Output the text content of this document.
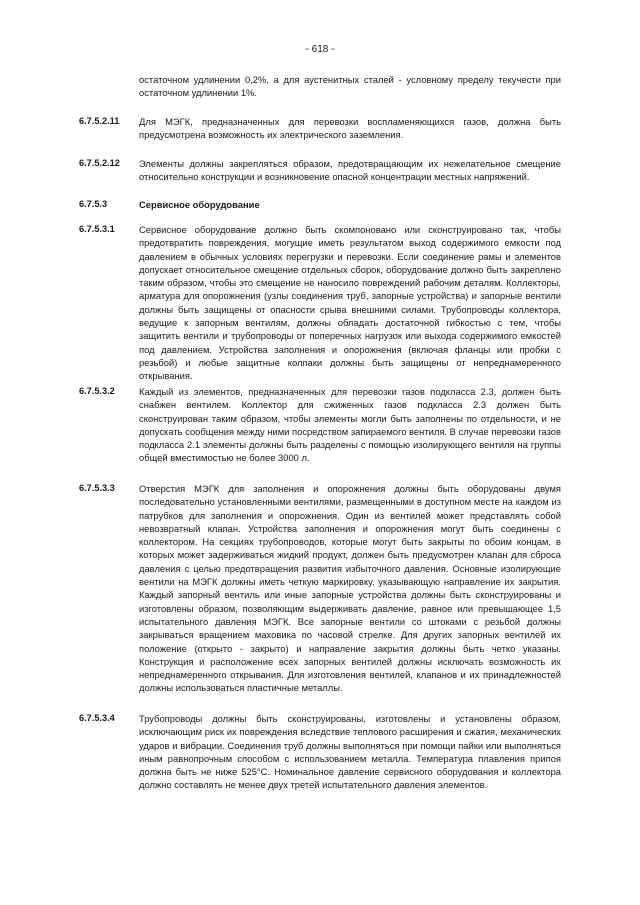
- 618 -
остаточном удлинении 0,2%, а для аустенитных сталей - условному пределу текучести при остаточном удлинении 1%.
6.7.5.2.11 Для МЭГК, предназначенных для перевозки воспламеняющихся газов, должна быть предусмотрена возможность их электрического заземления.
6.7.5.2.12 Элементы должны закрепляться образом, предотвращающим их нежелательное смещение относительно конструкции и возникновение опасной концентрации местных напряжений.
6.7.5.3	Сервисное оборудование
6.7.5.3.1	Сервисное оборудование должно быть скомпоновано или сконструировано так, чтобы предотвратить повреждения, могущие иметь результатом выход содержимого емкости под давлением в обычных условиях перегрузки и перевозки. Если соединение рамы и элементов допускает относительное смещение отдельных сборок, оборудование должно быть закреплено таким образом, чтобы это смещение не наносило повреждений рабочим деталям. Коллекторы, арматура для опорожнения (узлы соединения труб, запорные устройства) и запорные вентили должны быть защищены от опасности срыва внешними силами. Трубопроводы коллектора, ведущие к запорным вентилям, должны обладать достаточной гибкостью с тем, чтобы защитить вентили и трубопроводы от поперечных нагрузок или выхода содержимого емкостей под давлением. Устройства заполнения и опорожнения (включая фланцы или пробки с резьбой) и любые защитные колпаки должны быть защищены от непреднамеренного открывания.
6.7.5.3.2	Каждый из элементов, предназначенных для перевозки газов подкласса 2.3, должен быть снабжен вентилем. Коллектор для сжиженных газов подкласса 2.3 должен быть сконструирован таким образом, чтобы элементы могли быть заполнены по отдельности, и не допускать сообщения между ними посредством запираемого вентиля. В случае перевозки газов подкласса 2.1 элементы должны быть разделены с помощью изолирующего вентиля на группы общей вместимостью не более 3000 л.
6.7.5.3.3	Отверстия МЭГК для заполнения и опорожнения должны быть оборудованы двумя последовательно установленными вентилями, размещенными в доступном месте на каждом из патрубков для заполнения и опорожнения. Один из вентилей может представлять собой невозвратный клапан. Устройства заполнения и опорожнения могут быть соединены с коллектором. На секциях трубопроводов, которые могут быть закрыты по обоим концам, в которых может задерживаться жидкий продукт, должен быть предусмотрен клапан для сброса давления с целью предотвращения развития избыточного давления. Основные изолирующие вентили на МЭГК должны иметь четкую маркировку, указывающую направление их закрытия. Каждый запорный вентиль или иные запорные устройства должны быть сконструированы и изготовлены образом, позволяющим выдерживать давление, равное или превышающее 1,5 испытательного давления МЭГК. Все запорные вентили со штоками с резьбой должны закрываться вращением маховика по часовой стрелке. Для других запорных вентилей их положение (открыто - закрыто) и направление закрытия должны быть четко указаны. Конструкция и расположение всех запорных вентилей должны исключать возможность их непреднамеренного открывания. Для изготовления вентилей, клапанов и их принадлежностей должны использоваться пластичные металлы.
6.7.5.3.4	Трубопроводы должны быть сконструированы, изготовлены и установлены образом, исключающим риск их повреждения вследствие теплового расширения и сжатия, механических ударов и вибрации. Соединения труб должны выполняться при помощи пайки или выполняться иным равнопрочным способом с использованием металла. Температура плавления припоя должна быть не ниже 525°C. Номинальное давление сервисного оборудования и коллектора должно составлять не менее двух третей испытательного давления элементов.
